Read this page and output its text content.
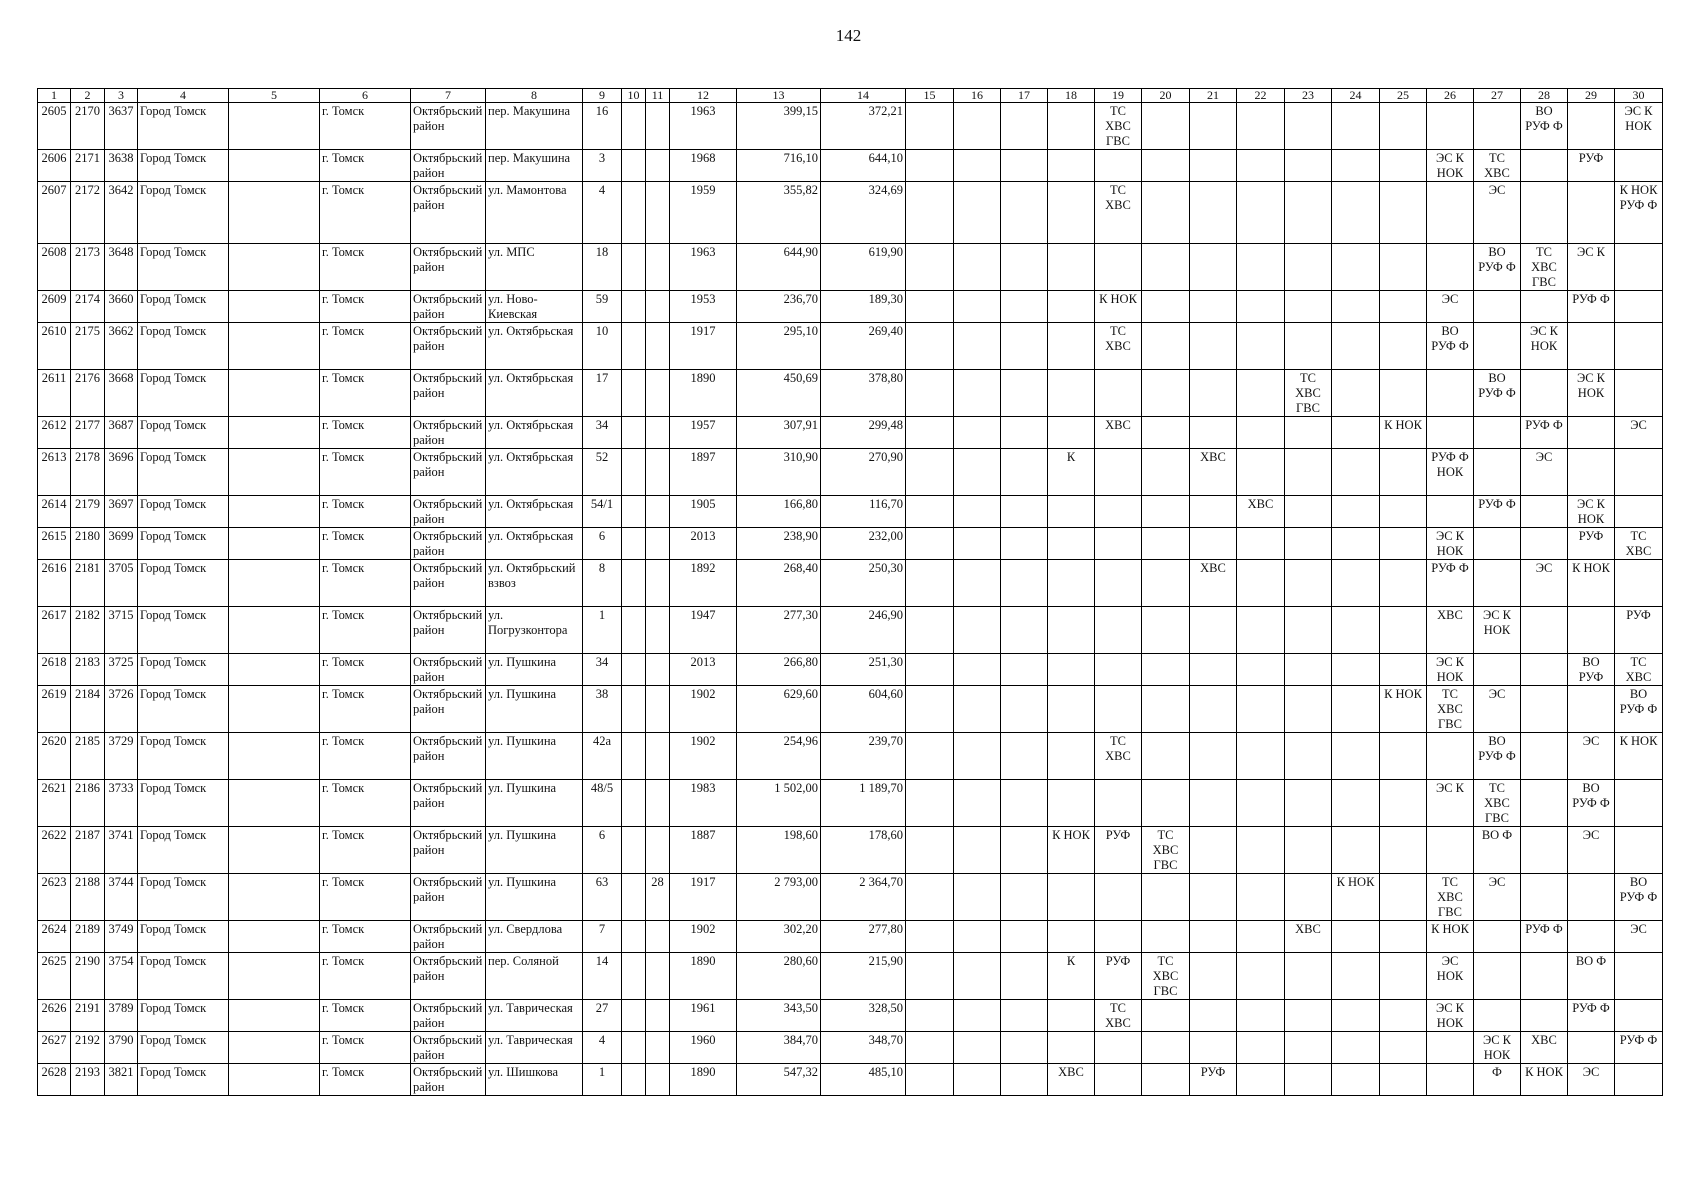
142
1	2	3	4	5	6	7	8	9	10	11	12	13	14	15	16	17	18	19	20	21	22	23	24	25	26	27	28	29	30
2605	2170	3637	Город Томск		г. Томск	Октябрьский район	пер. Макушина	16			1963	399,15	372,21					ТС ХВС ГВС									ВО РУФ Ф		ЭС К НОК
2606	2171	3638	Город Томск		г. Томск	Октябрьский район	пер. Макушина	3			1968	716,10	644,10												ЭС К НОК	ТС ХВС		РУФ	
2607	2172	3642	Город Томск		г. Томск	Октябрьский район	ул. Мамонтова	4			1959	355,82	324,69					ТС ХВС								ЭС			К НОК РУФ Ф
2608	2173	3648	Город Томск		г. Томск	Октябрьский район	ул. МПС	18			1963	644,90	619,90													ВО РУФ Ф	ТС ХВС ГВС	ЭС К	
2609	2174	3660	Город Томск		г. Томск	Октябрьский район	ул. Ново-Киевская	59			1953	236,70	189,30					К НОК							ЭС			РУФ Ф	
2610	2175	3662	Город Томск		г. Томск	Октябрьский район	ул. Октябрьская	10			1917	295,10	269,40					ТС ХВС							ВО РУФ Ф		ЭС К НОК		
2611	2176	3668	Город Томск		г. Томск	Октябрьский район	ул. Октябрьская	17			1890	450,69	378,80									ТС ХВС ГВС				ВО РУФ Ф		ЭС К НОК	
2612	2177	3687	Город Томск		г. Томск	Октябрьский район	ул. Октябрьская	34			1957	307,91	299,48					ХВС						К НОК			РУФ Ф		ЭС
2613	2178	3696	Город Томск		г. Томск	Октябрьский район	ул. Октябрьская	52			1897	310,90	270,90				К			ХВС					РУФ Ф НОК		ЭС		
2614	2179	3697	Город Томск		г. Томск	Октябрьский район	ул. Октябрьская	54/1			1905	166,80	116,70								ХВС					РУФ Ф		ЭС К НОК	
2615	2180	3699	Город Томск		г. Томск	Октябрьский район	ул. Октябрьская	6			2013	238,90	232,00												ЭС К НОК			РУФ	ТС ХВС
2616	2181	3705	Город Томск		г. Томск	Октябрьский район	ул. Октябрьский взвоз	8			1892	268,40	250,30							ХВС					РУФ Ф		ЭС	К НОК	
2617	2182	3715	Город Томск		г. Томск	Октябрьский район	ул. Погрузконтора	1			1947	277,30	246,90												ХВС	ЭС К НОК			РУФ
2618	2183	3725	Город Томск		г. Томск	Октябрьский район	ул. Пушкина	34			2013	266,80	251,30												ЭС К НОК			ВО РУФ	ТС ХВС
2619	2184	3726	Город Томск		г. Томск	Октябрьский район	ул. Пушкина	38			1902	629,60	604,60											К НОК	ТС ХВС ГВС	ЭС			ВО РУФ Ф
2620	2185	3729	Город Томск		г. Томск	Октябрьский район	ул. Пушкина	42а			1902	254,96	239,70					ТС ХВС								ВО РУФ Ф		ЭС	К НОК
2621	2186	3733	Город Томск		г. Томск	Октябрьский район	ул. Пушкина	48/5			1983	1 502,00	1 189,70												ЭС К	ТС ХВС ГВС		ВО РУФ Ф	
2622	2187	3741	Город Томск		г. Томск	Октябрьский район	ул. Пушкина	6			1887	198,60	178,60				К НОК	РУФ	ТС ХВС ГВС							ВО Ф		ЭС	
2623	2188	3744	Город Томск		г. Томск	Октябрьский район	ул. Пушкина	63		28	1917	2 793,00	2 364,70										К НОК		ТС ХВС ГВС	ЭС			ВО РУФ Ф
2624	2189	3749	Город Томск		г. Томск	Октябрьский район	ул. Свердлова	7			1902	302,20	277,80									ХВС			К НОК		РУФ Ф		ЭС
2625	2190	3754	Город Томск		г. Томск	Октябрьский район	пер. Соляной	14			1890	280,60	215,90				К	РУФ	ТС ХВС ГВС						ЭС НОК			ВО Ф	
2626	2191	3789	Город Томск		г. Томск	Октябрьский район	ул. Таврическая	27			1961	343,50	328,50					ТС ХВС							ЭС К НОК			РУФ Ф	
2627	2192	3790	Город Томск		г. Томск	Октябрьский район	ул. Таврическая	4			1960	384,70	348,70													ЭС К НОК	ХВС		РУФ Ф
2628	2193	3821	Город Томск		г. Томск	Октябрьский район	ул. Шишкова	1			1890	547,32	485,10				ХВС			РУФ						Ф	К НОК	ЭС	
